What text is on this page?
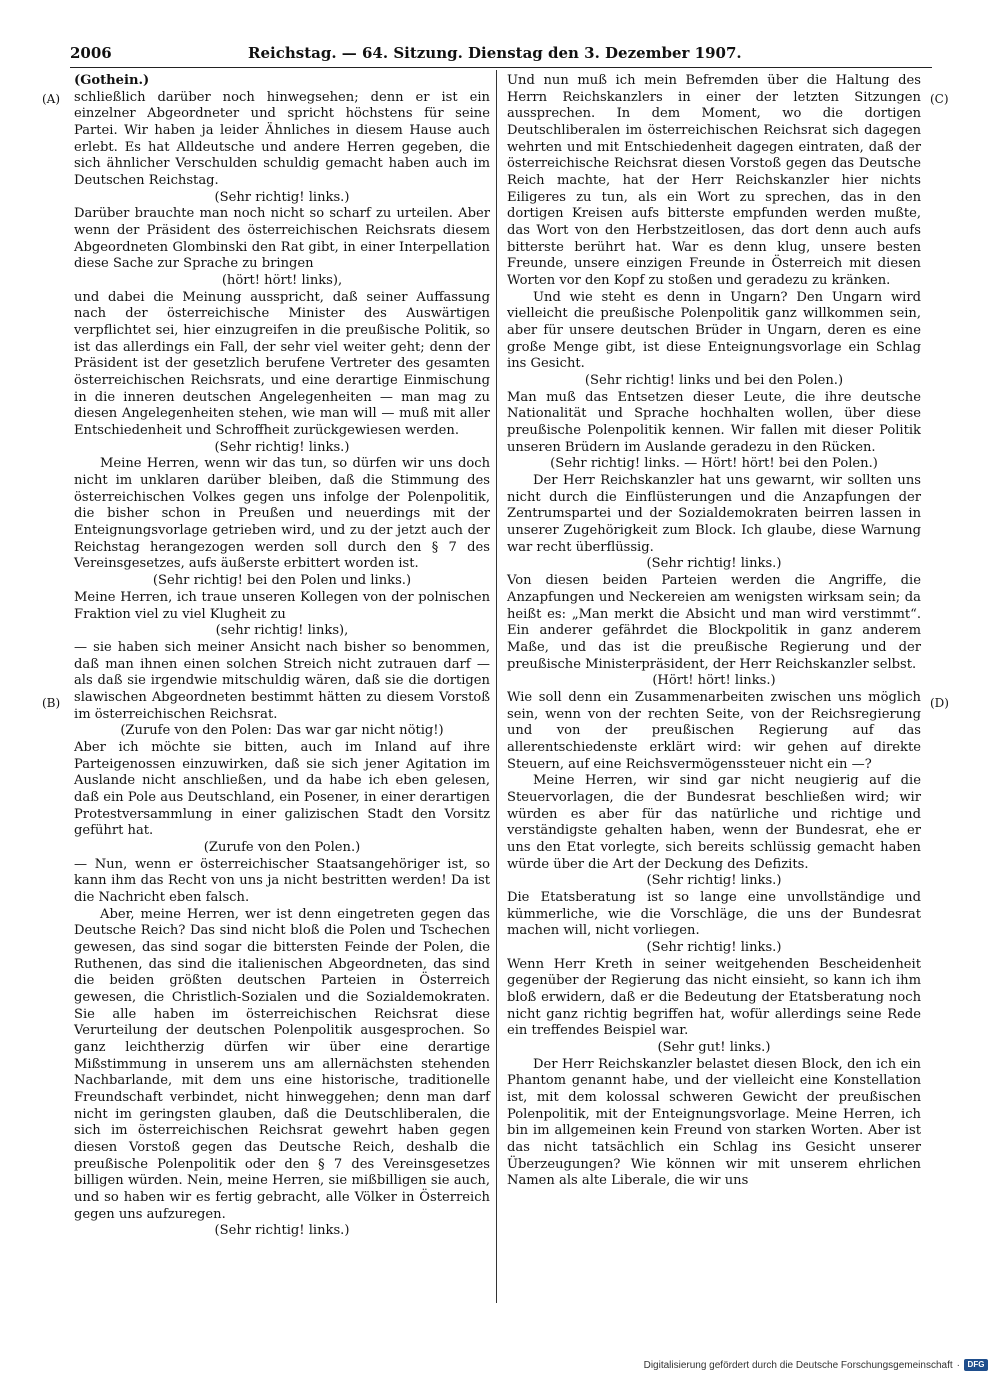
2006	Reichstag. — 64. Sitzung. Dienstag den 3. Dezember 1907.
(A)
(B)
(C)
(D)

(Gothein.)

schließlich darüber noch hinwegsehen; denn er ist ein einzelner Abgeordneter und spricht höchstens für seine Partei. Wir haben ja leider Ähnliches in diesem Hause auch erlebt. Es hat Alldeutsche und andere Herren gegeben, die sich ähnlicher Verschulden schuldig gemacht haben auch im Deutschen Reichstag.

(Sehr richtig! links.)

Darüber brauchte man noch nicht so scharf zu urteilen. Aber wenn der Präsident des österreichischen Reichsrats diesem Abgeordneten Glombinski den Rat gibt, in einer Interpellation diese Sache zur Sprache zu bringen

(hört! hört! links),

und dabei die Meinung ausspricht, daß seiner Auffassung nach der österreichische Minister des Auswärtigen verpflichtet sei, hier einzugreifen in die preußische Politik, so ist das allerdings ein Fall, der sehr viel weiter geht; denn der Präsident ist der gesetzlich berufene Vertreter des gesamten österreichischen Reichsrats, und eine derartige Einmischung in die inneren deutschen Angelegenheiten — man mag zu diesen Angelegenheiten stehen, wie man will — muß mit aller Entschiedenheit und Schroffheit zurückgewiesen werden.

(Sehr richtig! links.)

Meine Herren, wenn wir das tun, so dürfen wir uns doch nicht im unklaren darüber bleiben, daß die Stimmung des österreichischen Volkes gegen uns infolge der Polenpolitik, die bisher schon in Preußen und neuerdings mit der Enteignungsvorlage getrieben wird, und zu der jetzt auch der Reichstag herangezogen werden soll durch den § 7 des Vereinsgesetzes, aufs äußerste erbittert worden ist.

(Sehr richtig! bei den Polen und links.)

Meine Herren, ich traue unseren Kollegen von der polnischen Fraktion viel zu viel Klugheit zu

(sehr richtig! links),

— sie haben sich meiner Ansicht nach bisher so benommen, daß man ihnen einen solchen Streich nicht zutrauen darf — als daß sie irgendwie mitschuldig wären, daß sie die dortigen slawischen Abgeordneten bestimmt hätten zu diesem Vorstoß im österreichischen Reichsrat.

(Zurufe von den Polen: Das war gar nicht nötig!)

Aber ich möchte sie bitten, auch im Inland auf ihre Parteigenossen einzuwirken, daß sie sich jener Agitation im Auslande nicht anschließen, und da habe ich eben gelesen, daß ein Pole aus Deutschland, ein Posener, in einer derartigen Protestversammlung in einer galizischen Stadt den Vorsitz geführt hat.

(Zurufe von den Polen.)

— Nun, wenn er österreichischer Staatsangehöriger ist, so kann ihm das Recht von uns ja nicht bestritten werden! Da ist die Nachricht eben falsch.

Aber, meine Herren, wer ist denn eingetreten gegen das Deutsche Reich? Das sind nicht bloß die Polen und Tschechen gewesen, das sind sogar die bittersten Feinde der Polen, die Ruthenen, das sind die italienischen Abgeordneten, das sind die beiden größten deutschen Parteien in Österreich gewesen, die Christlich-Sozialen und die Sozialdemokraten. Sie alle haben im österreichischen Reichsrat diese Verurteilung der deutschen Polenpolitik ausgesprochen. So ganz leichtherzig dürfen wir über eine derartige Mißstimmung in unserem uns am allernächsten stehenden Nachbarlande, mit dem uns eine historische, traditionelle Freundschaft verbindet, nicht hinweggehen; denn man darf nicht im geringsten glauben, daß die Deutschliberalen, die sich im österreichischen Reichsrat gewehrt haben gegen diesen Vorstoß gegen das Deutsche Reich, deshalb die preußische Polenpolitik oder den § 7 des Vereinsgesetzes billigen würden. Nein, meine Herren, sie mißbilligen sie auch, und so haben wir es fertig gebracht, alle Völker in Österreich gegen uns aufzuregen.

(Sehr richtig! links.)

Und nun muß ich mein Befremden über die Haltung des Herrn Reichskanzlers in einer der letzten Sitzungen aussprechen. In dem Moment, wo die dortigen Deutschliberalen im österreichischen Reichsrat sich dagegen wehrten und mit Entschiedenheit dagegen eintraten, daß der österreichische Reichsrat diesen Vorstoß gegen das Deutsche Reich machte, hat der Herr Reichskanzler hier nichts Eiligeres zu tun, als ein Wort zu sprechen, das in den dortigen Kreisen aufs bitterste empfunden werden mußte, das Wort von den Herbstzeitlosen, das dort denn auch aufs bitterste berührt hat. War es denn klug, unsere besten Freunde, unsere einzigen Freunde in Österreich mit diesen Worten vor den Kopf zu stoßen und geradezu zu kränken.

Und wie steht es denn in Ungarn? Den Ungarn wird vielleicht die preußische Polenpolitik ganz willkommen sein, aber für unsere deutschen Brüder in Ungarn, deren es eine große Menge gibt, ist diese Enteignungsvorlage ein Schlag ins Gesicht.

(Sehr richtig! links und bei den Polen.)

Man muß das Entsetzen dieser Leute, die ihre deutsche Nationalität und Sprache hochhalten wollen, über diese preußische Polenpolitik kennen. Wir fallen mit dieser Politik unseren Brüdern im Auslande geradezu in den Rücken.

(Sehr richtig! links. — Hört! hört! bei den Polen.)

Der Herr Reichskanzler hat uns gewarnt, wir sollten uns nicht durch die Einflüsterungen und die Anzapfungen der Zentrumspartei und der Sozialdemokraten beirren lassen in unserer Zugehörigkeit zum Block. Ich glaube, diese Warnung war recht überflüssig.

(Sehr richtig! links.)

Von diesen beiden Parteien werden die Angriffe, die Anzapfungen und Neckereien am wenigsten wirksam sein; da heißt es: „Man merkt die Absicht und man wird verstimmt“. Ein anderer gefährdet die Blockpolitik in ganz anderem Maße, und das ist die preußische Regierung und der preußische Ministerpräsident, der Herr Reichskanzler selbst.

(Hört! hört! links.)

Wie soll denn ein Zusammenarbeiten zwischen uns möglich sein, wenn von der rechten Seite, von der Reichsregierung und von der preußischen Regierung auf das allerentschiedenste erklärt wird: wir gehen auf direkte Steuern, auf eine Reichsvermögenssteuer nicht ein —?

Meine Herren, wir sind gar nicht neugierig auf die Steuervorlagen, die der Bundesrat beschließen wird; wir würden es aber für das natürliche und richtige und verständigste gehalten haben, wenn der Bundesrat, ehe er uns den Etat vorlegte, sich bereits schlüssig gemacht haben würde über die Art der Deckung des Defizits.

(Sehr richtig! links.)

Die Etatsberatung ist so lange eine unvollständige und kümmerliche, wie die Vorschläge, die uns der Bundesrat machen will, nicht vorliegen.

(Sehr richtig! links.)

Wenn Herr Kreth in seiner weitgehenden Bescheidenheit gegenüber der Regierung das nicht einsieht, so kann ich ihm bloß erwidern, daß er die Bedeutung der Etatsberatung noch nicht ganz richtig begriffen hat, wofür allerdings seine Rede ein treffendes Beispiel war.

(Sehr gut! links.)

Der Herr Reichskanzler belastet diesen Block, den ich ein Phantom genannt habe, und der vielleicht eine Konstellation ist, mit dem kolossal schweren Gewicht der preußischen Polenpolitik, mit der Enteignungsvorlage. Meine Herren, ich bin im allgemeinen kein Freund von starken Worten. Aber ist das nicht tatsächlich ein Schlag ins Gesicht unserer Überzeugungen? Wie können wir mit unserem ehrlichen Namen als alte Liberale, die wir uns

Digitalisierung gefördert durch die Deutsche Forschungsgemeinschaft · DFG
